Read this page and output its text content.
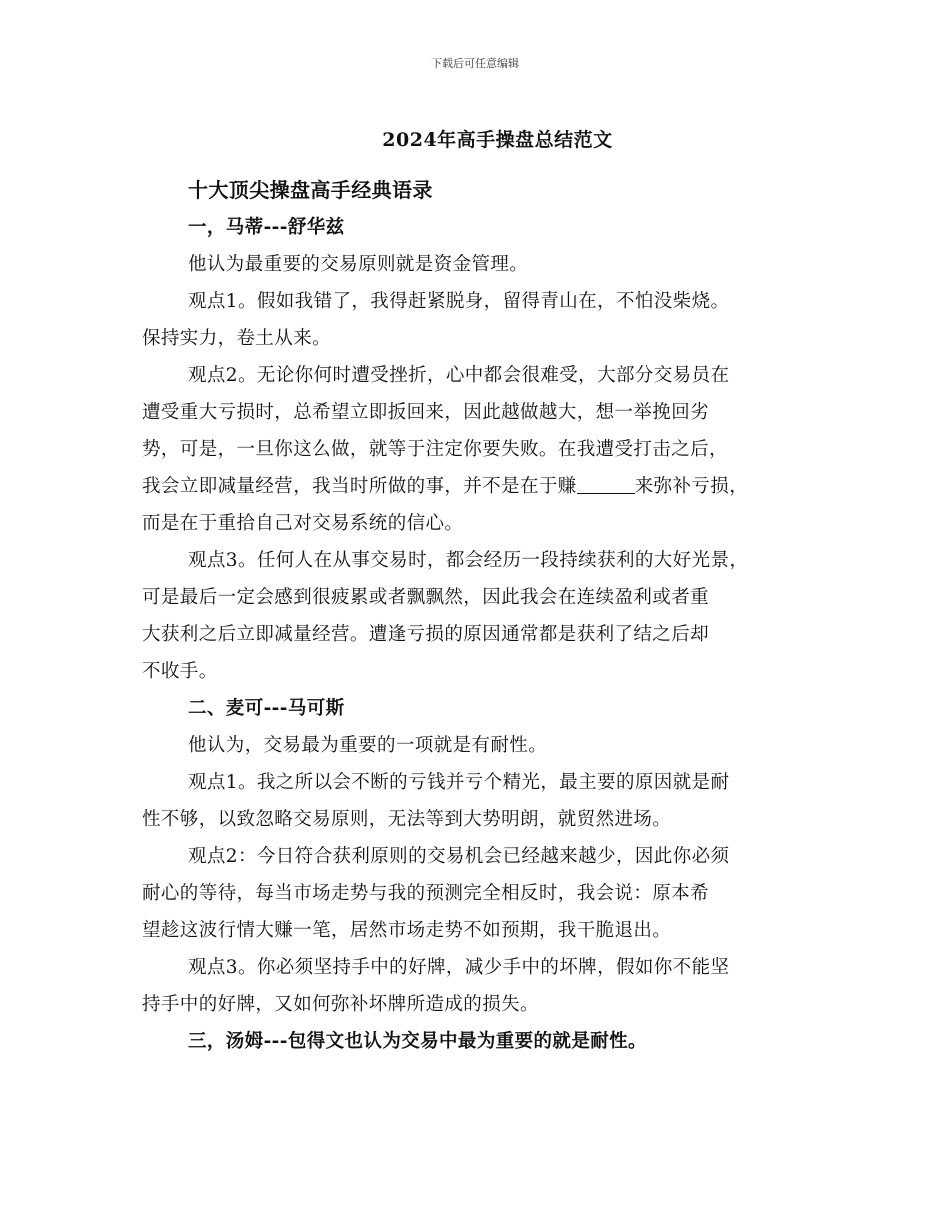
下载后可任意编辑
2024年高手操盘总结范文
十大顶尖操盘高手经典语录
一，马蒂---舒华兹
他认为最重要的交易原则就是资金管理。
观点1。假如我错了，我得赶紧脱身，留得青山在，不怕没柴烧。
保持实力，卷土从来。
观点2。无论你何时遭受挫折，心中都会很难受，大部分交易员在
遭受重大亏损时，总希望立即扳回来，因此越做越大，想一举挽回劣
势，可是，一旦你这么做，就等于注定你要失败。在我遭受打击之后，
我会立即减量经营，我当时所做的事，并不是在于赚	来弥补亏损，
而是在于重拾自己对交易系统的信心。
观点3。任何人在从事交易时，都会经历一段持续获利的大好光景，
可是最后一定会感到很疲累或者飘飘然，因此我会在连续盈利或者重
大获利之后立即减量经营。遭逢亏损的原因通常都是获利了结之后却
不收手。
二、麦可---马可斯
他认为，交易最为重要的一项就是有耐性。
观点1。我之所以会不断的亏钱并亏个精光，最主要的原因就是耐
性不够，以致忽略交易原则，无法等到大势明朗，就贸然进场。
观点2：今日符合获利原则的交易机会已经越来越少，因此你必须
耐心的等待，每当市场走势与我的预测完全相反时，我会说：原本希
望趁这波行情大赚一笔，居然市场走势不如预期，我干脆退出。
观点3。你必须坚持手中的好牌，减少手中的坏牌，假如你不能坚
持手中的好牌，又如何弥补坏牌所造成的损失。
三，汤姆---包得文也认为交易中最为重要的就是耐性。
